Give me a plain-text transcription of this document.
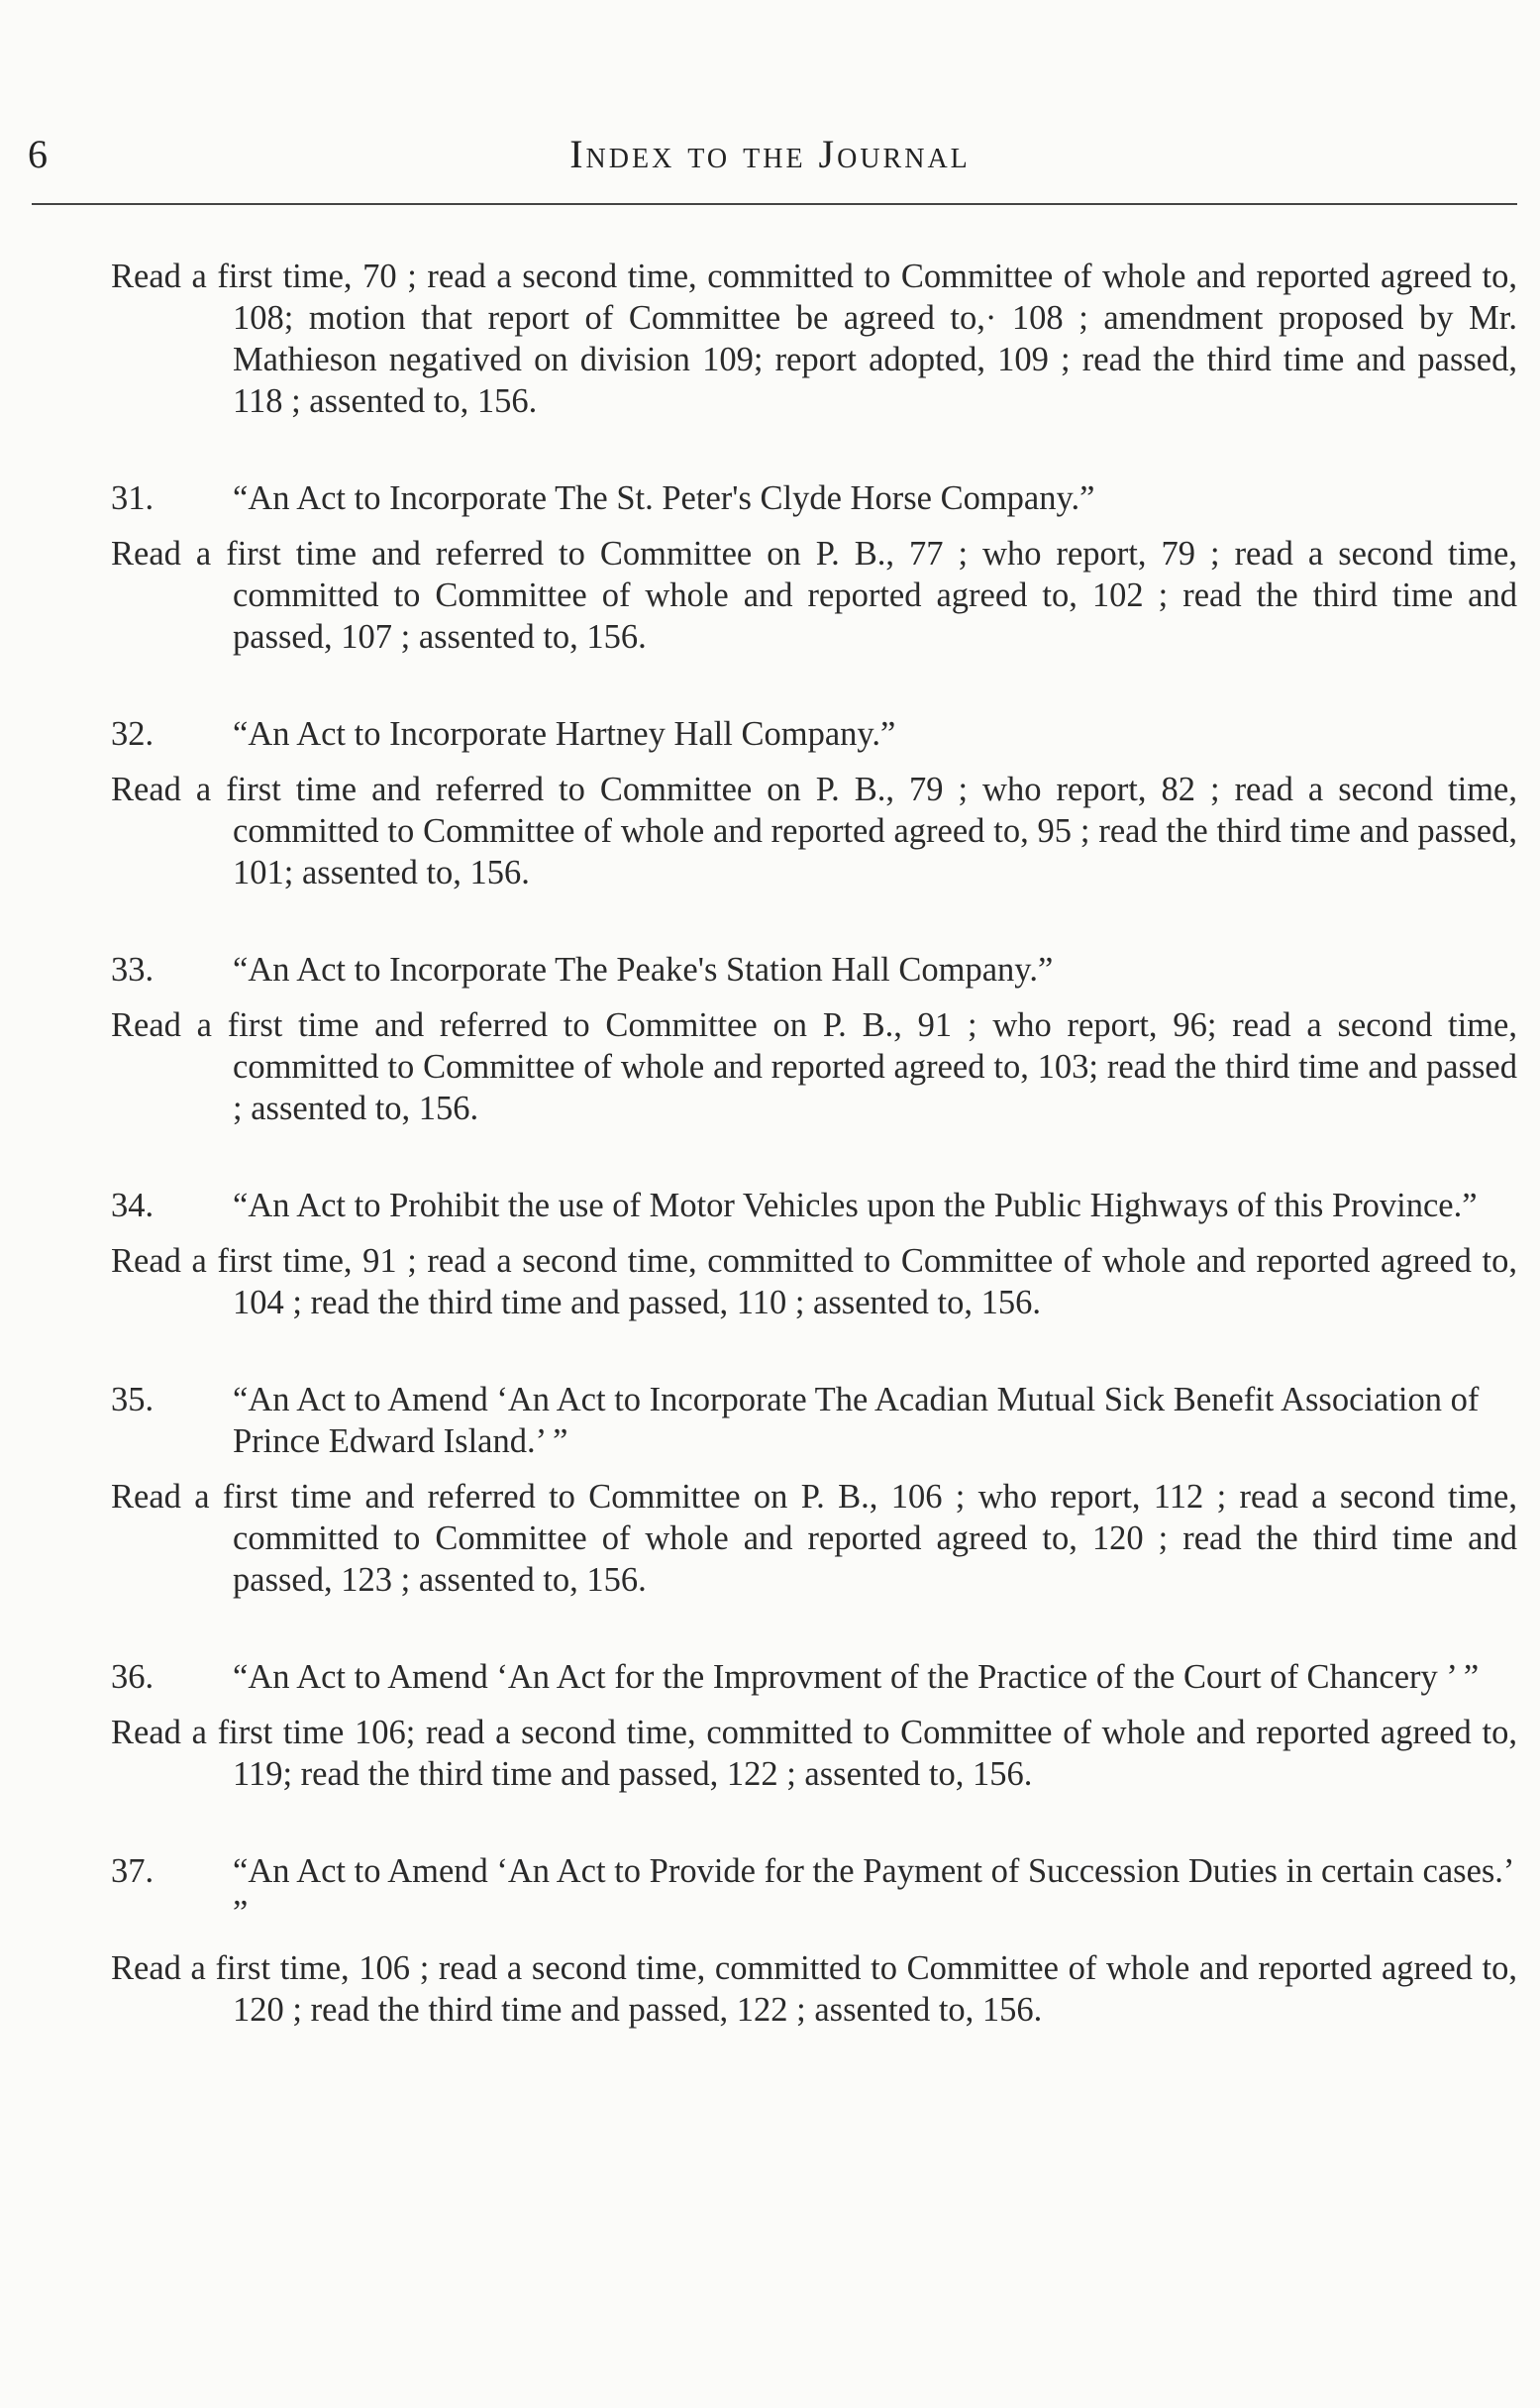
6	Index to the Journal

Read a first time, 70 ; read a second time, committed to Committee of whole and reported agreed to, 108; motion that report of Committee be agreed to,· 108 ; amendment proposed by Mr. Mathieson negatived on division 109; report adopted, 109 ; read the third time and passed, 118 ; assented to, 156.

31. “An Act to Incorporate The St. Peter's Clyde Horse Company.”

Read a first time and referred to Committee on P. B., 77 ; who report, 79 ; read a second time, committed to Committee of whole and reported agreed to, 102 ; read the third time and passed, 107 ; assented to, 156.

32. “An Act to Incorporate Hartney Hall Company.”

Read a first time and referred to Committee on P. B., 79 ; who report, 82 ; read a second time, committed to Committee of whole and reported agreed to, 95 ; read the third time and passed, 101; assented to, 156.

33. “An Act to Incorporate The Peake's Station Hall Company.”

Read a first time and referred to Committee on P. B., 91 ; who report, 96; read a second time, committed to Committee of whole and reported agreed to, 103; read the third time and passed ; assented to, 156.

34. “An Act to Prohibit the use of Motor Vehicles upon the Public Highways of this Province.”

Read a first time, 91 ; read a second time, committed to Committee of whole and reported agreed to, 104 ; read the third time and passed, 110 ; assented to, 156.

35. “An Act to Amend ‘An Act to Incorporate The Acadian Mutual Sick Benefit Association of Prince Edward Island.’ ”

Read a first time and referred to Committee on P. B., 106 ; who report, 112 ; read a second time, committed to Committee of whole and reported agreed to, 120 ; read the third time and passed, 123 ; assented to, 156.

36. “An Act to Amend ‘An Act for the Improvment of the Practice of the Court of Chancery ’ ”

Read a first time 106; read a second time, committed to Committee of whole and reported agreed to, 119; read the third time and passed, 122 ; assented to, 156.

37. “An Act to Amend ‘An Act to Provide for the Payment of Succession Duties in certain cases.’ ”

Read a first time, 106 ; read a second time, committed to Committee of whole and reported agreed to, 120 ; read the third time and passed, 122 ; assented to, 156.
